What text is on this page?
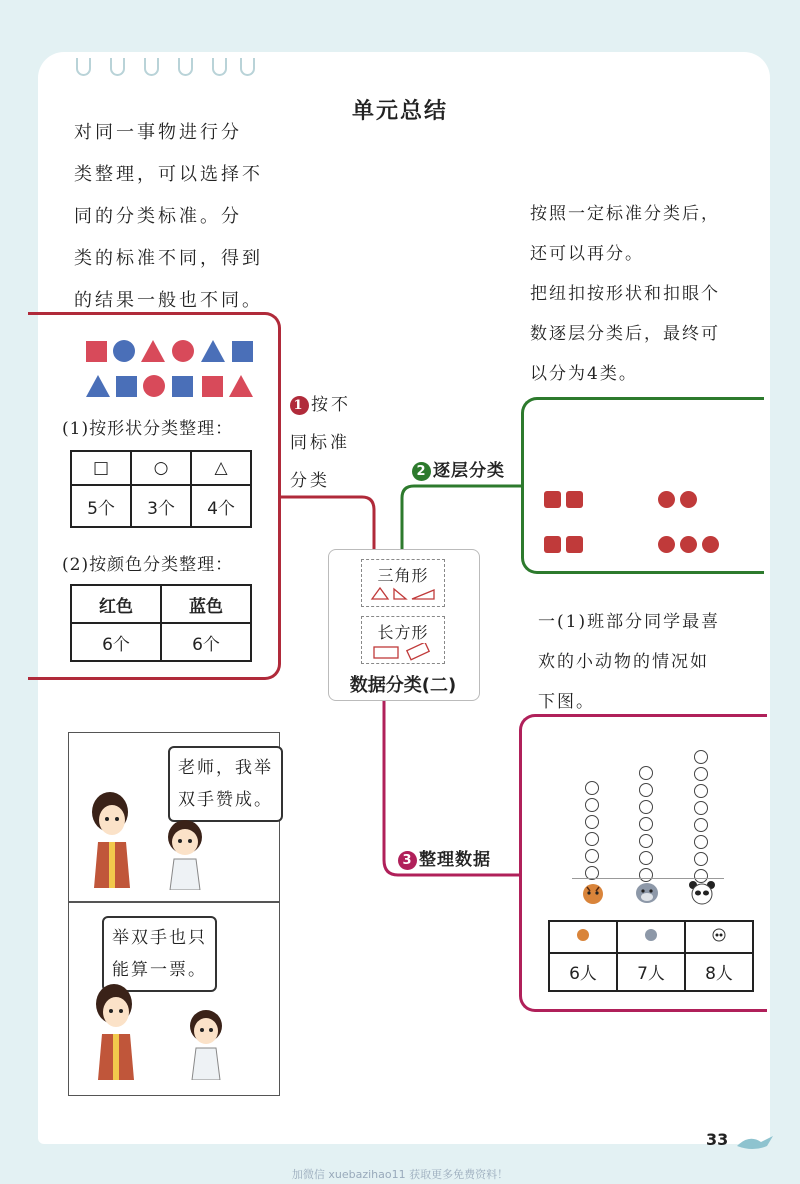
单元总结
对同一事物进行分
类整理，可以选择不
同的分类标准。分
类的标准不同，得到
的结果一般也不同。
(1)按形状分类整理：
□	○	△
5个	3个	4个
(2)按颜色分类整理：
红色	蓝色
6个	6个
1 按不
同标准
分类
按照一定标准分类后，
还可以再分。
把纽扣按形状和扣眼个
数逐层分类后，最终可
以分为4类。
2 逐层分类

三角形
长方形
数据分类(二)
一(1)班部分同学最喜
欢的小动物的情况如
下图。
3 整理数据

6人	7人	8人
老师，我举
双手赞成。
举双手也只
能算一票。
33
加微信 xuebazihao11 获取更多免费资料！
